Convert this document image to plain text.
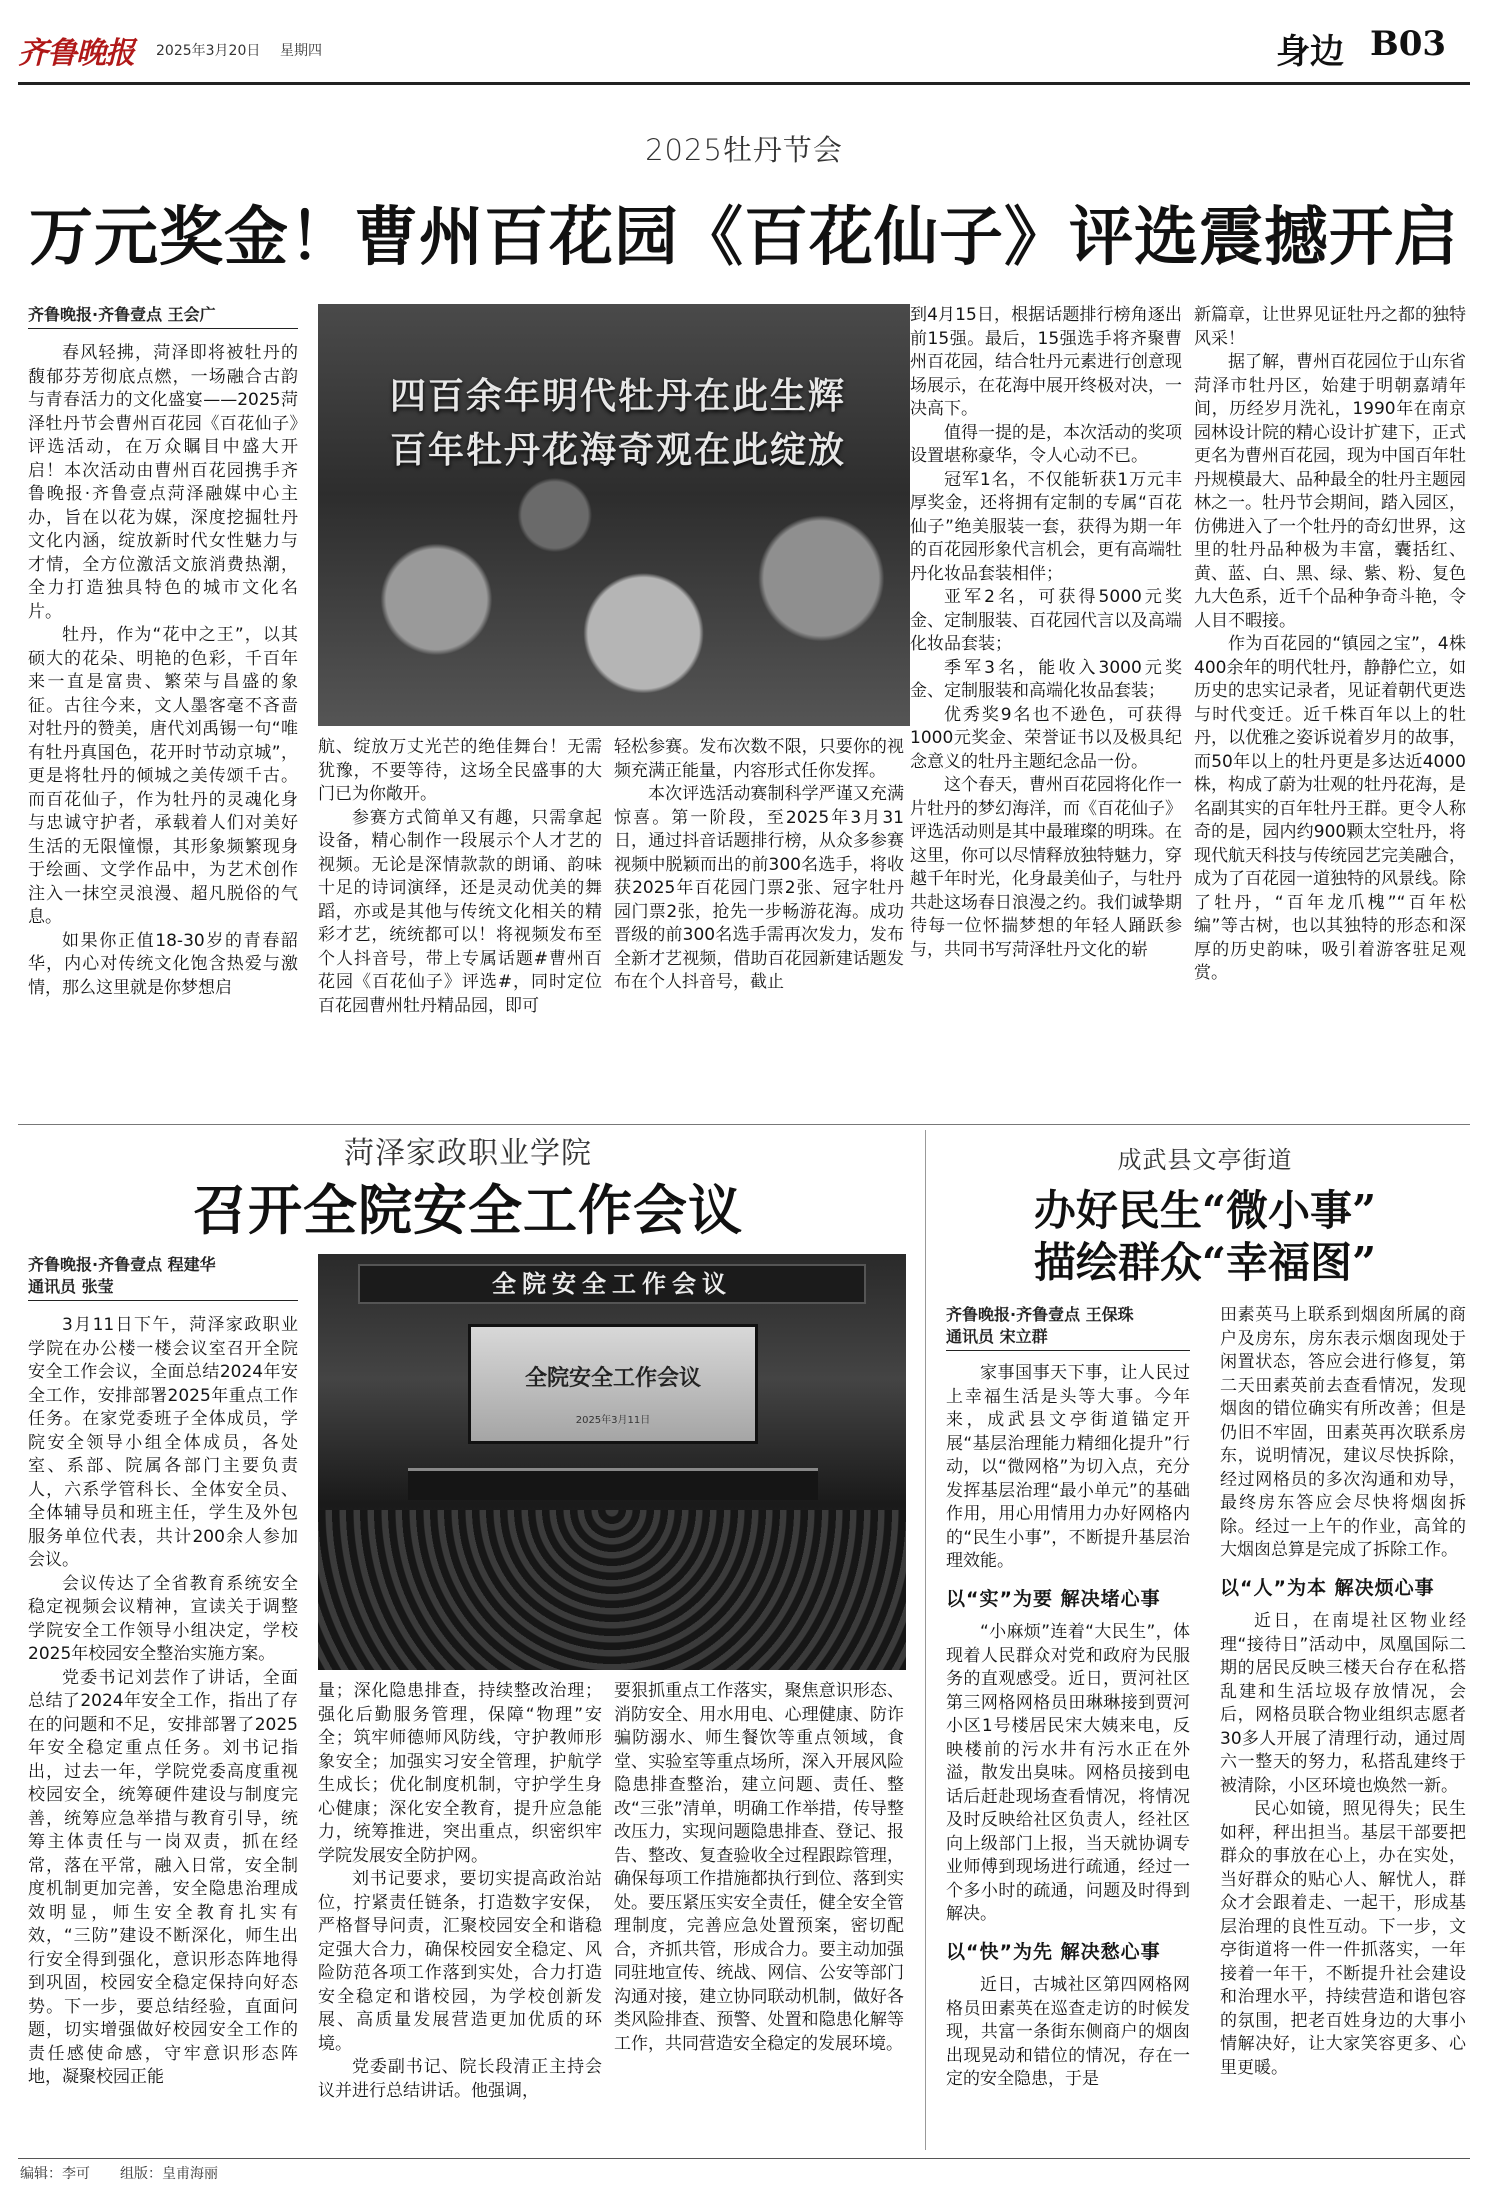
齐鲁晚报 2025年3月20日 星期四	身边 B03
2025牡丹节会
万元奖金！曹州百花园《百花仙子》评选震撼开启
齐鲁晚报·齐鲁壹点 王会广
四百余年明代牡丹在此生辉
百年牡丹花海奇观在此绽放

春风轻拂，菏泽即将被牡丹的馥郁芬芳彻底点燃，一场融合古韵与青春活力的文化盛宴——2025菏泽牡丹节会曹州百花园《百花仙子》评选活动，在万众瞩目中盛大开启！本次活动由曹州百花园携手齐鲁晚报·齐鲁壹点菏泽融媒中心主办，旨在以花为媒，深度挖掘牡丹文化内涵，绽放新时代女性魅力与才情，全方位激活文旅消费热潮，全力打造独具特色的城市文化名片。

牡丹，作为“花中之王”，以其硕大的花朵、明艳的色彩，千百年来一直是富贵、繁荣与昌盛的象征。古往今来，文人墨客毫不吝啬对牡丹的赞美，唐代刘禹锡一句“唯有牡丹真国色，花开时节动京城”，更是将牡丹的倾城之美传颂千古。而百花仙子，作为牡丹的灵魂化身与忠诚守护者，承载着人们对美好生活的无限憧憬，其形象频繁现身于绘画、文学作品中，为艺术创作注入一抹空灵浪漫、超凡脱俗的气息。

如果你正值18-30岁的青春韶华，内心对传统文化饱含热爱与激情，那么这里就是你梦想启

航、绽放万丈光芒的绝佳舞台！无需犹豫，不要等待，这场全民盛事的大门已为你敞开。

参赛方式简单又有趣，只需拿起设备，精心制作一段展示个人才艺的视频。无论是深情款款的朗诵、韵味十足的诗词演绎，还是灵动优美的舞蹈，亦或是其他与传统文化相关的精彩才艺，统统都可以！将视频发布至个人抖音号，带上专属话题#曹州百花园《百花仙子》评选#，同时定位百花园曹州牡丹精品园，即可

轻松参赛。发布次数不限，只要你的视频充满正能量，内容形式任你发挥。

本次评选活动赛制科学严谨又充满惊喜。第一阶段，至2025年3月31日，通过抖音话题排行榜，从众多参赛视频中脱颖而出的前300名选手，将收获2025年百花园门票2张、冠字牡丹园门票2张，抢先一步畅游花海。成功晋级的前300名选手需再次发力，发布全新才艺视频，借助百花园新建话题发布在个人抖音号，截止

到4月15日，根据话题排行榜角逐出前15强。最后，15强选手将齐聚曹州百花园，结合牡丹元素进行创意现场展示，在花海中展开终极对决，一决高下。

值得一提的是，本次活动的奖项设置堪称豪华，令人心动不已。

冠军1名，不仅能斩获1万元丰厚奖金，还将拥有定制的专属“百花仙子”绝美服装一套，获得为期一年的百花园形象代言机会，更有高端牡丹化妆品套装相伴；

亚军2名，可获得5000元奖金、定制服装、百花园代言以及高端化妆品套装；

季军3名，能收入3000元奖金、定制服装和高端化妆品套装；

优秀奖9名也不逊色，可获得1000元奖金、荣誉证书以及极具纪念意义的牡丹主题纪念品一份。

这个春天，曹州百花园将化作一片牡丹的梦幻海洋，而《百花仙子》评选活动则是其中最璀璨的明珠。在这里，你可以尽情释放独特魅力，穿越千年时光，化身最美仙子，与牡丹共赴这场春日浪漫之约。我们诚挚期待每一位怀揣梦想的年轻人踊跃参与，共同书写菏泽牡丹文化的崭

新篇章，让世界见证牡丹之都的独特风采！

据了解，曹州百花园位于山东省菏泽市牡丹区，始建于明朝嘉靖年间，历经岁月洗礼，1990年在南京园林设计院的精心设计扩建下，正式更名为曹州百花园，现为中国百年牡丹规模最大、品种最全的牡丹主题园林之一。牡丹节会期间，踏入园区，仿佛进入了一个牡丹的奇幻世界，这里的牡丹品种极为丰富，囊括红、黄、蓝、白、黑、绿、紫、粉、复色九大色系，近千个品种争奇斗艳，令人目不暇接。

作为百花园的“镇园之宝”，4株400余年的明代牡丹，静静伫立，如历史的忠实记录者，见证着朝代更迭与时代变迁。近千株百年以上的牡丹，以优雅之姿诉说着岁月的故事，而50年以上的牡丹更是多达近4000株，构成了蔚为壮观的牡丹花海，是名副其实的百年牡丹王群。更令人称奇的是，园内约900颗太空牡丹，将现代航天科技与传统园艺完美融合，成为了百花园一道独特的风景线。除了牡丹，“百年龙爪槐”“百年松编”等古树，也以其独特的形态和深厚的历史韵味，吸引着游客驻足观赏。

菏泽家政职业学院
召开全院安全工作会议
齐鲁晚报·齐鲁壹点 程建华
通讯员 张莹	全院安全工作会议
全院安全工作会议
2025年3月11日

3月11日下午，菏泽家政职业学院在办公楼一楼会议室召开全院安全工作会议，全面总结2024年安全工作，安排部署2025年重点工作任务。在家党委班子全体成员，学院安全领导小组全体成员，各处室、系部、院属各部门主要负责人，六系学管科长、全体安全员、全体辅导员和班主任，学生及外包服务单位代表，共计200余人参加会议。

会议传达了全省教育系统安全稳定视频会议精神，宣读关于调整学院安全工作领导小组决定，学校2025年校园安全整治实施方案。

党委书记刘芸作了讲话，全面总结了2024年安全工作，指出了存在的问题和不足，安排部署了2025年安全稳定重点任务。刘书记指出，过去一年，学院党委高度重视校园安全，统筹硬件建设与制度完善，统筹应急举措与教育引导，统筹主体责任与一岗双责，抓在经常，落在平常，融入日常，安全制度机制更加完善，安全隐患治理成效明显，师生安全教育扎实有效，“三防”建设不断深化，师生出行安全得到强化，意识形态阵地得到巩固，校园安全稳定保持向好态势。下一步，要总结经验，直面问题，切实增强做好校园安全工作的责任感使命感，守牢意识形态阵地，凝聚校园正能

量；深化隐患排查，持续整改治理；强化后勤服务管理，保障“物理”安全；筑牢师德师风防线，守护教师形象安全；加强实习安全管理，护航学生成长；优化制度机制，守护学生身心健康；深化安全教育，提升应急能力，统筹推进，突出重点，织密织牢学院发展安全防护网。

刘书记要求，要切实提高政治站位，拧紧责任链条，打造数字安保，严格督导问责，汇聚校园安全和谐稳定强大合力，确保校园安全稳定、风险防范各项工作落到实处，合力打造安全稳定和谐校园，为学校创新发展、高质量发展营造更加优质的环境。

党委副书记、院长段清正主持会议并进行总结讲话。他强调，

要狠抓重点工作落实，聚焦意识形态、消防安全、用水用电、心理健康、防诈骗防溺水、师生餐饮等重点领域，食堂、实验室等重点场所，深入开展风险隐患排查整治，建立问题、责任、整改“三张”清单，明确工作举措，传导整改压力，实现问题隐患排查、登记、报告、整改、复查验收全过程跟踪管理，确保每项工作措施都执行到位、落到实处。要压紧压实安全责任，健全安全管理制度，完善应急处置预案，密切配合，齐抓共管，形成合力。要主动加强同驻地宣传、统战、网信、公安等部门沟通对接，建立协同联动机制，做好各类风险排查、预警、处置和隐患化解等工作，共同营造安全稳定的发展环境。

成武县文亭街道
办好民生“微小事”
描绘群众“幸福图”
齐鲁晚报·齐鲁壹点 王保珠
通讯员 宋立群

家事国事天下事，让人民过上幸福生活是头等大事。今年来，成武县文亭街道锚定开展“基层治理能力精细化提升”行动，以“微网格”为切入点，充分发挥基层治理“最小单元”的基础作用，用心用情用力办好网格内的“民生小事”，不断提升基层治理效能。

以“实”为要 解决堵心事

“小麻烦”连着“大民生”，体现着人民群众对党和政府为民服务的直观感受。近日，贾河社区第三网格网格员田琳琳接到贾河小区1号楼居民宋大姨来电，反映楼前的污水井有污水正在外溢，散发出臭味。网格员接到电话后赶赴现场查看情况，将情况及时反映给社区负责人，经社区向上级部门上报，当天就协调专业师傅到现场进行疏通，经过一个多小时的疏通，问题及时得到解决。

以“快”为先 解决愁心事

近日，古城社区第四网格网格员田素英在巡查走访的时候发现，共富一条街东侧商户的烟囱出现晃动和错位的情况，存在一定的安全隐患，于是

田素英马上联系到烟囱所属的商户及房东，房东表示烟囱现处于闲置状态，答应会进行修复，第二天田素英前去查看情况，发现烟囱的错位确实有所改善；但是仍旧不牢固，田素英再次联系房东，说明情况，建议尽快拆除，经过网格员的多次沟通和劝导，最终房东答应会尽快将烟囱拆除。经过一上午的作业，高耸的大烟囱总算是完成了拆除工作。

以“人”为本 解决烦心事

近日，在南堤社区物业经理“接待日”活动中，凤凰国际二期的居民反映三楼天台存在私搭乱建和生活垃圾存放情况，会后，网格员联合物业组织志愿者30多人开展了清理行动，通过周六一整天的努力，私搭乱建终于被清除，小区环境也焕然一新。

民心如镜，照见得失；民生如秤，秤出担当。基层干部要把群众的事放在心上，办在实处，当好群众的贴心人、解忧人，群众才会跟着走、一起干，形成基层治理的良性互动。下一步，文亭街道将一件一件抓落实，一年接着一年干，不断提升社会建设和治理水平，持续营造和谐包容的氛围，把老百姓身边的大事小情解决好，让大家笑容更多、心里更暖。

编辑：李可 组版：皇甫海丽
